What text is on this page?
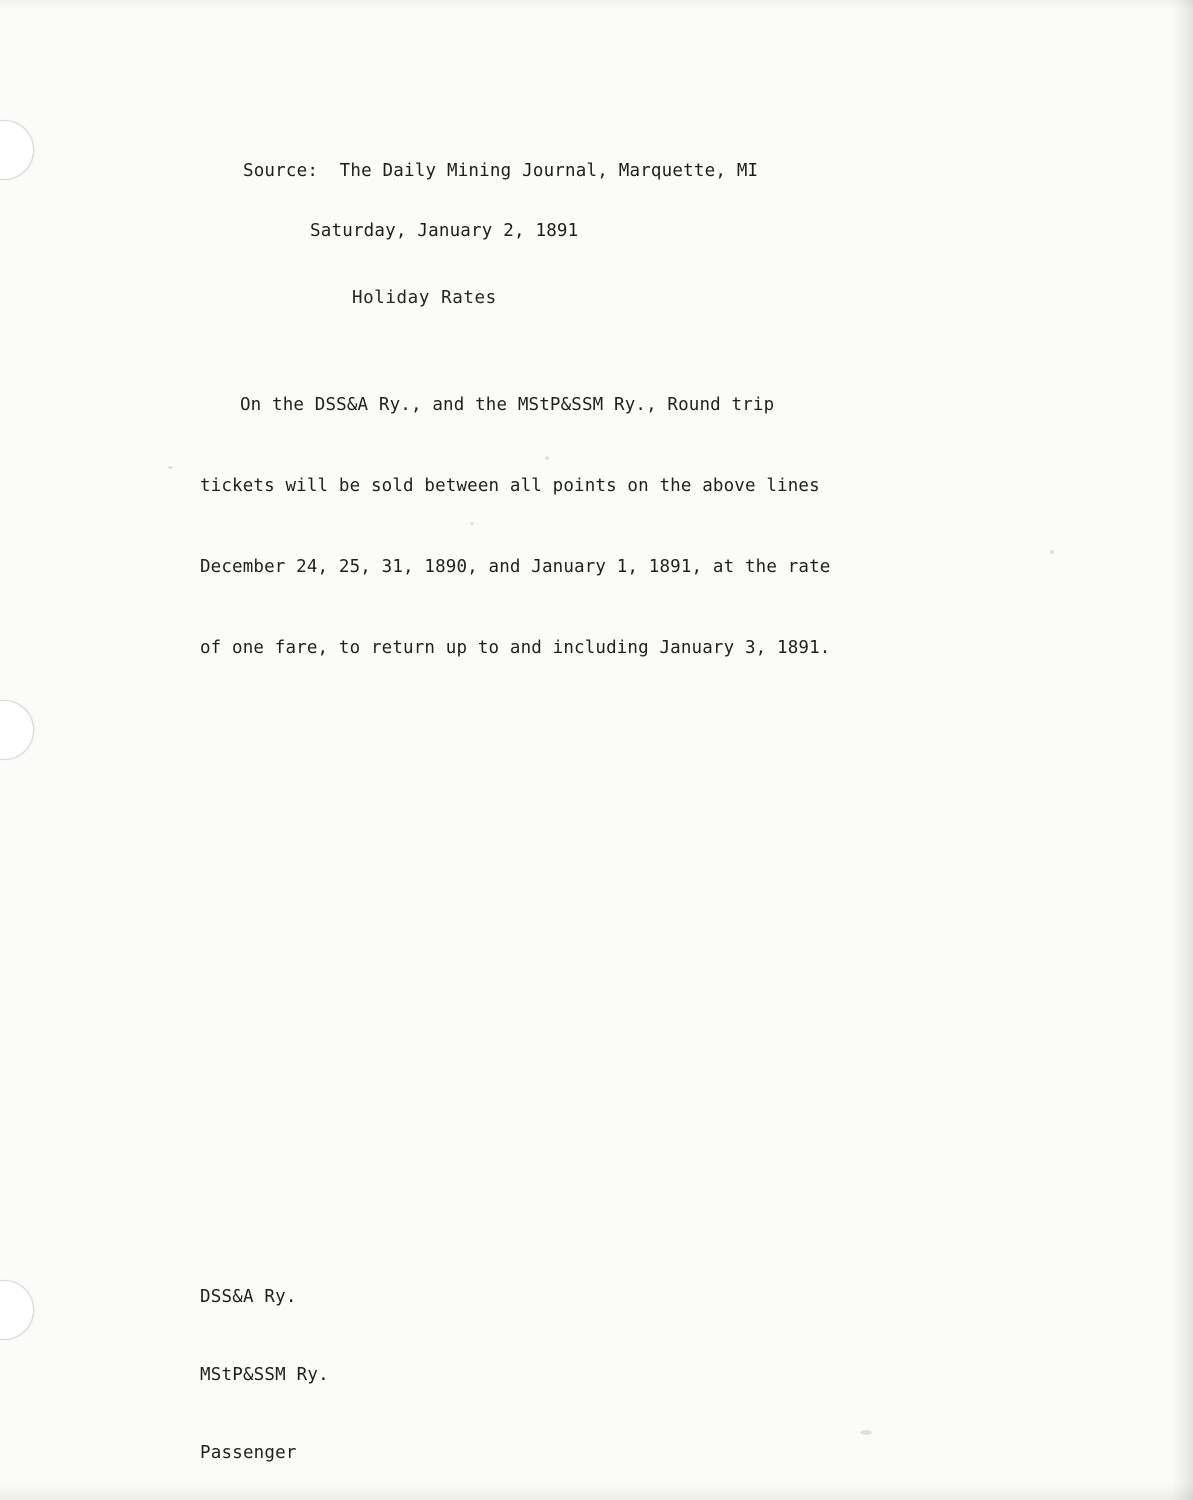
Source: The Daily Mining Journal, Marquette, MI

Saturday, January 2, 1891

Holiday Rates

On the DSS&A Ry., and the MStP&SSM Ry., Round trip

tickets will be sold between all points on the above lines

December 24, 25, 31, 1890, and January 1, 1891, at the rate

of one fare, to return up to and including January 3, 1891.

DSS&A Ry.

MStP&SSM Ry.

Passenger
